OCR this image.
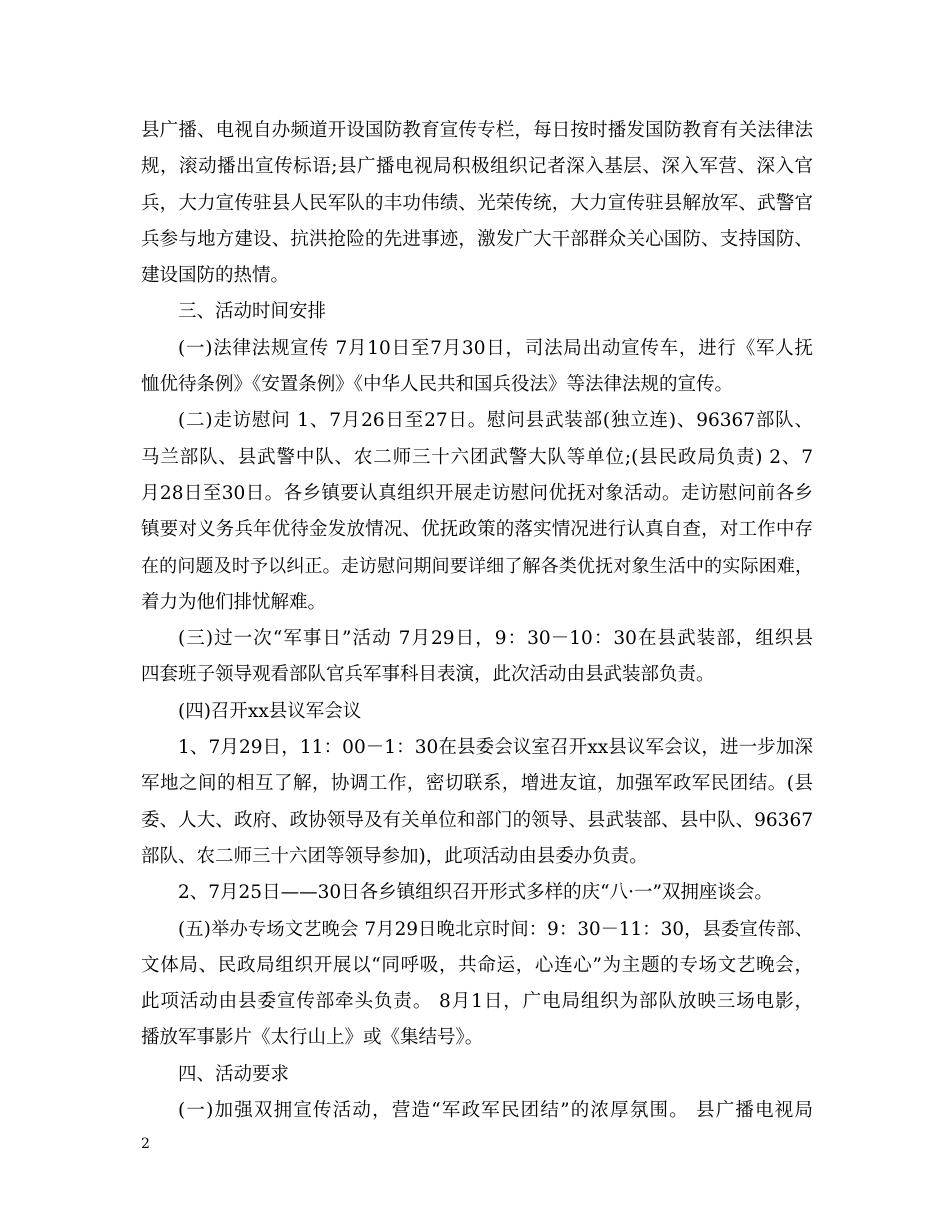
县广播、电视自办频道开设国防教育宣传专栏，每日按时播发国防教育有关法律法
规，滚动播出宣传标语;县广播电视局积极组织记者深入基层、深入军营、深入官
兵，大力宣传驻县人民军队的丰功伟绩、光荣传统，大力宣传驻县解放军、武警官
兵参与地方建设、抗洪抢险的先进事迹，激发广大干部群众关心国防、支持国防、
建设国防的热情。
三、活动时间安排
(一)法律法规宣传 7月10日至7月30日，司法局出动宣传车，进行《军人抚
恤优待条例》《安置条例》《中华人民共和国兵役法》等法律法规的宣传。
(二)走访慰问 1、7月26日至27日。慰问县武装部(独立连)、96367部队、
马兰部队、县武警中队、农二师三十六团武警大队等单位;(县民政局负责) 2、7
月28日至30日。各乡镇要认真组织开展走访慰问优抚对象活动。走访慰问前各乡
镇要对义务兵年优待金发放情况、优抚政策的落实情况进行认真自查，对工作中存
在的问题及时予以纠正。走访慰问期间要详细了解各类优抚对象生活中的实际困难，
着力为他们排忧解难。
(三)过一次“军事日”活动 7月29日，9：30－10：30在县武装部，组织县
四套班子领导观看部队官兵军事科目表演，此次活动由县武装部负责。
(四)召开xx县议军会议
1、7月29日，11：00－1：30在县委会议室召开xx县议军会议，进一步加深
军地之间的相互了解，协调工作，密切联系，增进友谊，加强军政军民团结。(县
委、人大、政府、政协领导及有关单位和部门的领导、县武装部、县中队、96367
部队、农二师三十六团等领导参加)，此项活动由县委办负责。
2、7月25日——30日各乡镇组织召开形式多样的庆“八·一”双拥座谈会。
(五)举办专场文艺晚会 7月29日晚北京时间：9：30－11：30，县委宣传部、
文体局、民政局组织开展以“同呼吸，共命运，心连心”为主题的专场文艺晚会，
此项活动由县委宣传部牵头负责。 8月1日，广电局组织为部队放映三场电影，
播放军事影片《太行山上》或《集结号》。
四、活动要求
(一)加强双拥宣传活动，营造“军政军民团结”的浓厚氛围。 县广播电视局
2
